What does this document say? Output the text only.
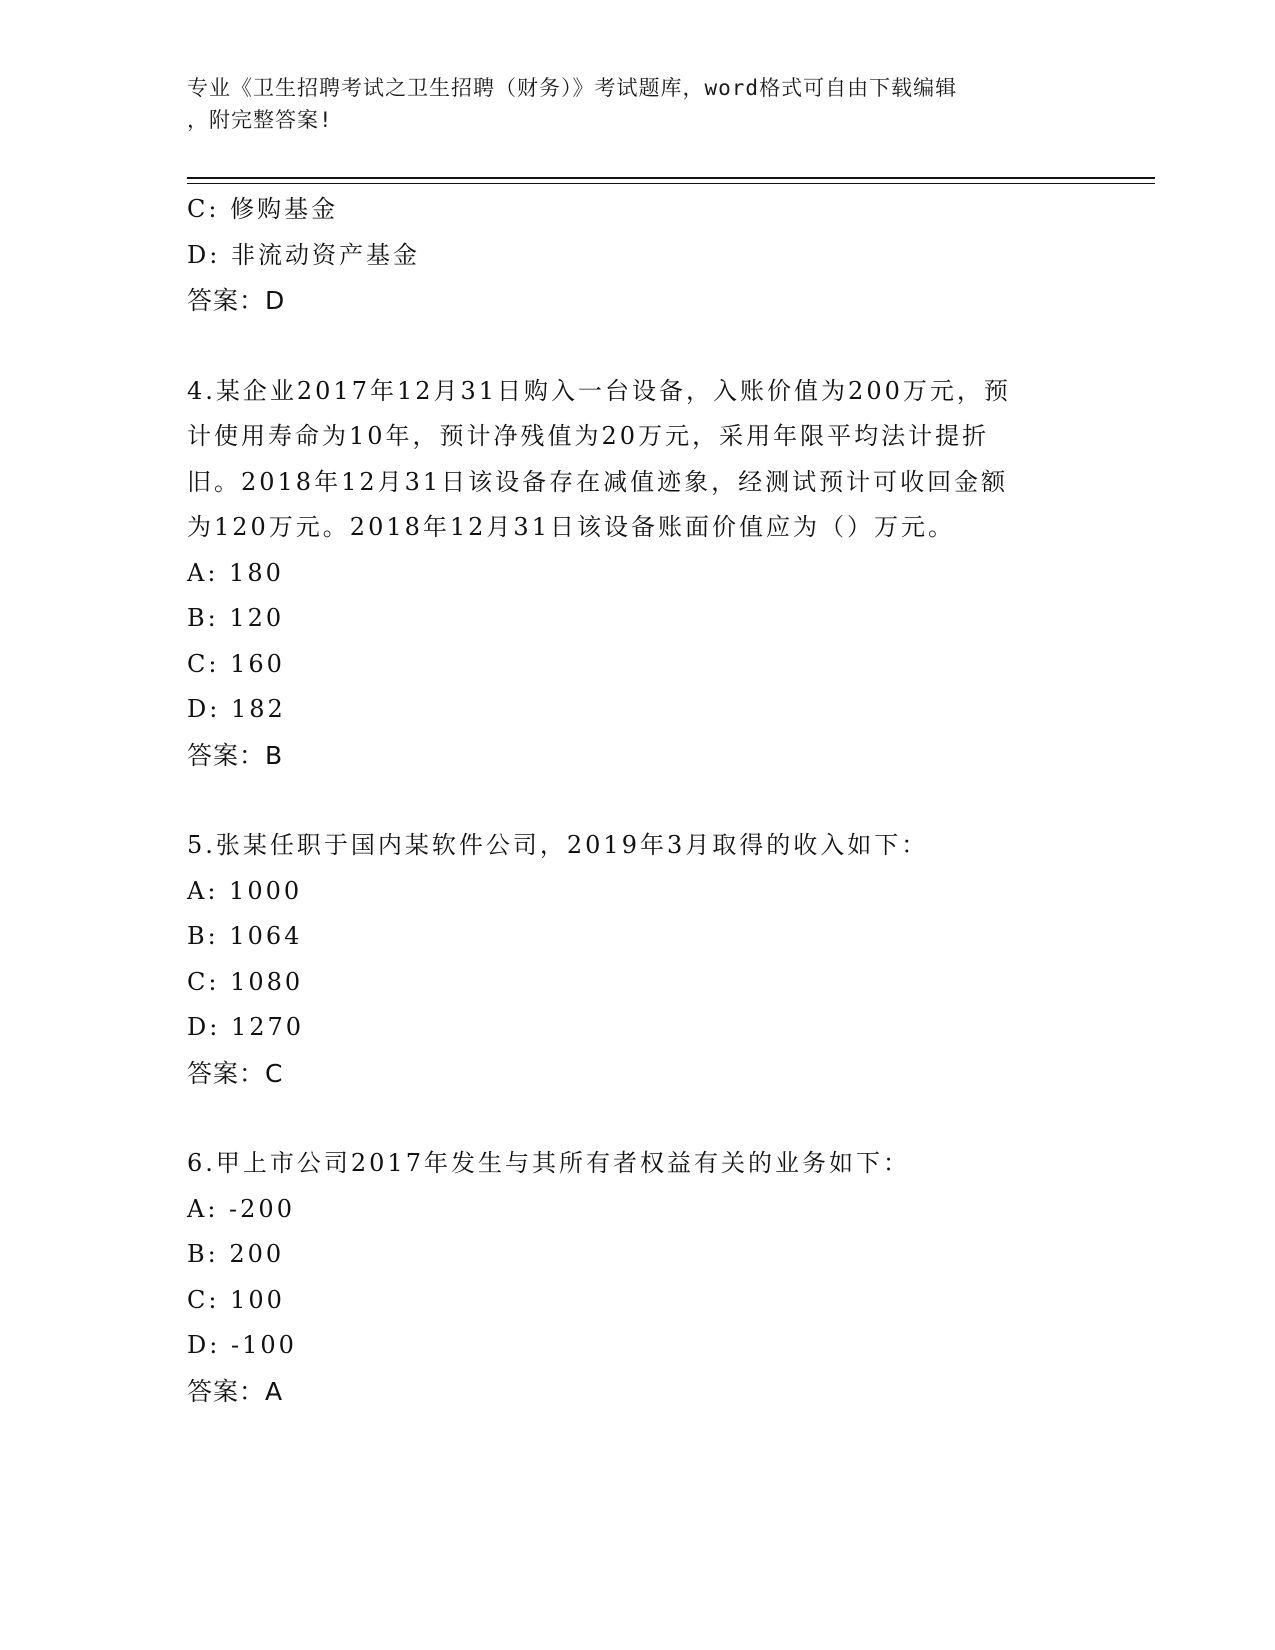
专业《卫生招聘考试之卫生招聘（财务）》考试题库，word格式可自由下载编辑
，附完整答案!
C: 修购基金
D: 非流动资产基金
答案：D
4.某企业2017年12月31日购入一台设备，入账价值为200万元，预
计使用寿命为10年，预计净残值为20万元，采用年限平均法计提折
旧。2018年12月31日该设备存在减值迹象，经测试预计可收回金额
为120万元。2018年12月31日该设备账面价值应为（）万元。
A: 180
B: 120
C: 160
D: 182
答案：B
5.张某任职于国内某软件公司，2019年3月取得的收入如下：
A: 1000
B: 1064
C: 1080
D: 1270
答案：C
6.甲上市公司2017年发生与其所有者权益有关的业务如下：
A: -200
B: 200
C: 100
D: -100
答案：A
